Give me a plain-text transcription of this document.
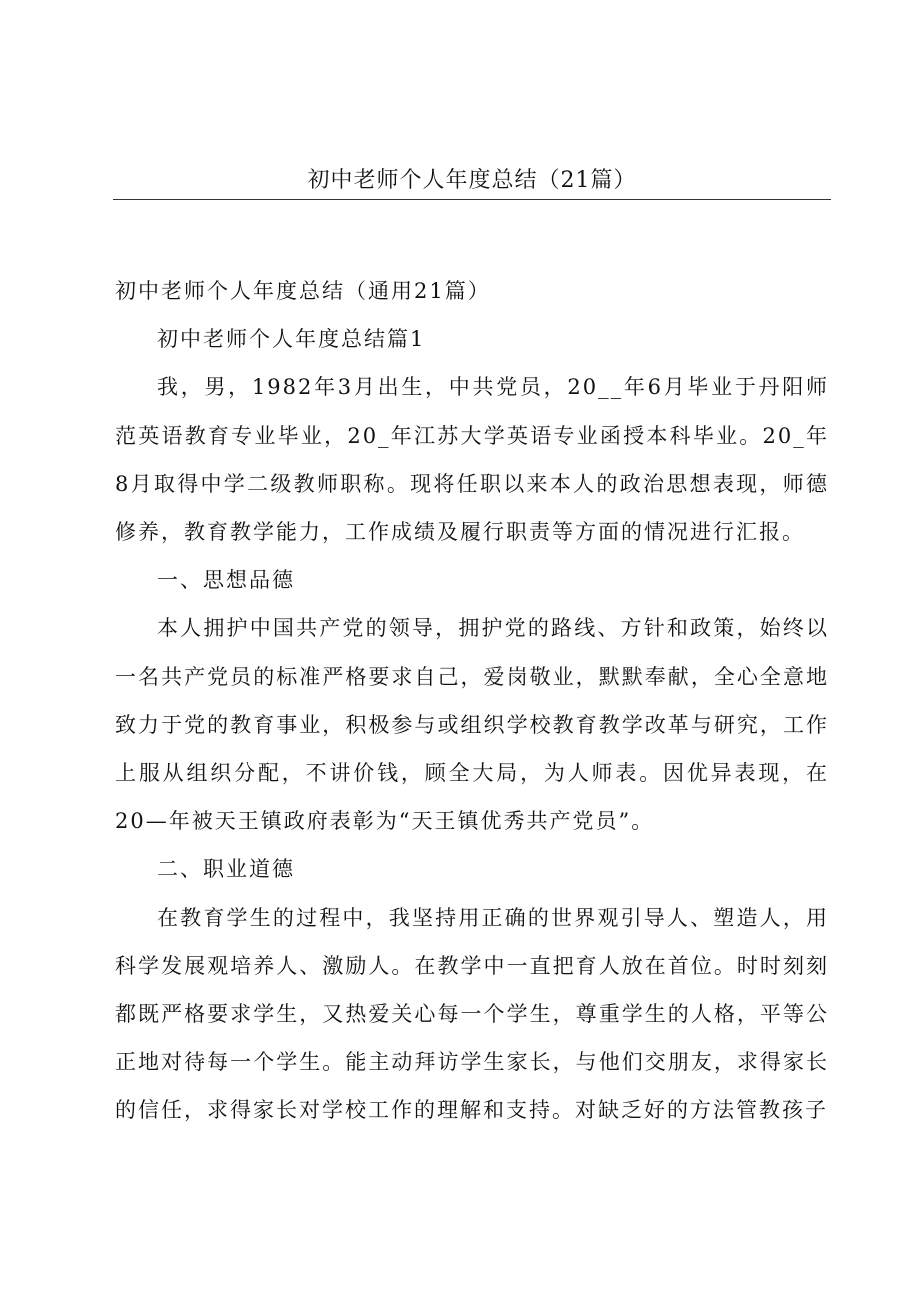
初中老师个人年度总结（21篇）

初中老师个人年度总结（通用21篇）

初中老师个人年度总结篇1

我，男，1982年3月出生，中共党员，20__年6月毕业于丹阳师范英语教育专业毕业，20_年江苏大学英语专业函授本科毕业。20_年8月取得中学二级教师职称。现将任职以来本人的政治思想表现，师德修养，教育教学能力，工作成绩及履行职责等方面的情况进行汇报。

一、思想品德

本人拥护中国共产党的领导，拥护党的路线、方针和政策，始终以一名共产党员的标准严格要求自己，爱岗敬业，默默奉献，全心全意地致力于党的教育事业，积极参与或组织学校教育教学改革与研究，工作上服从组织分配，不讲价钱，顾全大局，为人师表。因优异表现，在20—年被天王镇政府表彰为“天王镇优秀共产党员”。

二、职业道德

在教育学生的过程中，我坚持用正确的世界观引导人、塑造人，用科学发展观培养人、激励人。在教学中一直把育人放在首位。时时刻刻都既严格要求学生，又热爱关心每一个学生，尊重学生的人格，平等公正地对待每一个学生。能主动拜访学生家长，与他们交朋友，求得家长的信任，求得家长对学校工作的理解和支持。对缺乏好的方法管教孩子
